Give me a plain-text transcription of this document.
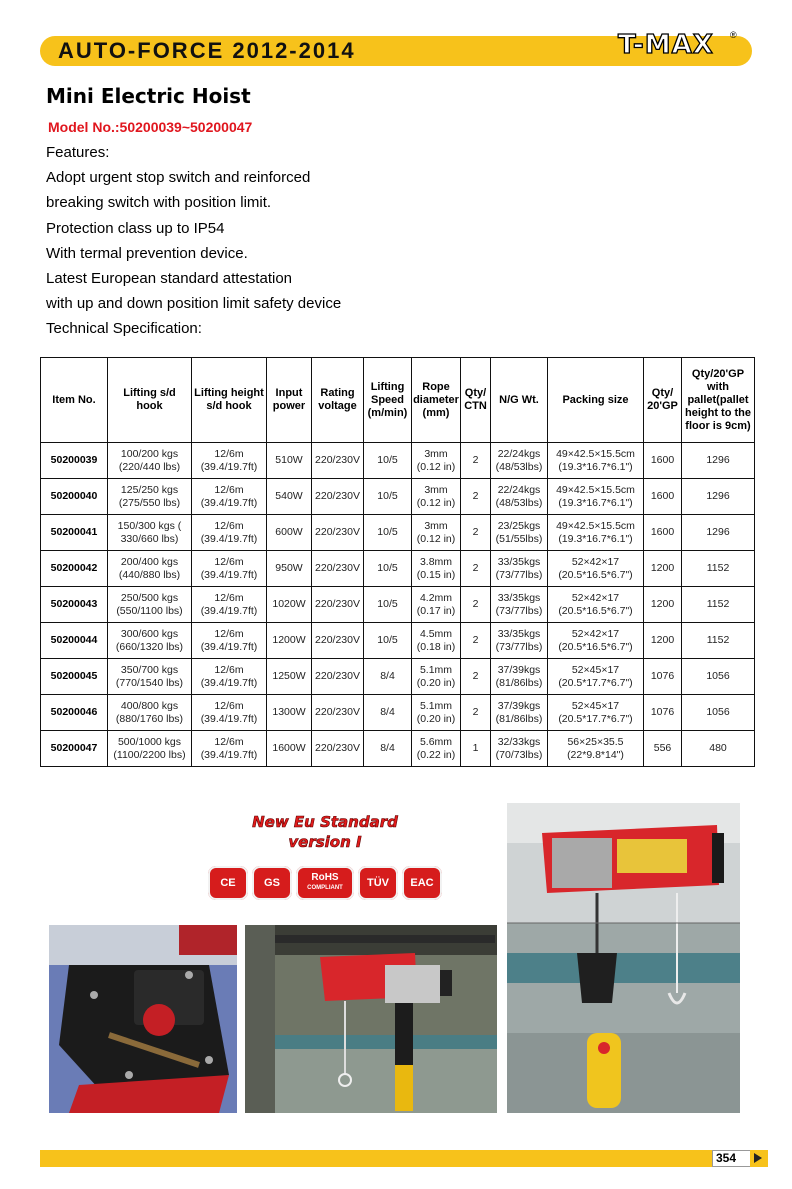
AUTO-FORCE 2012-2014	T-MAX ®
Mini Electric Hoist
Model No.:50200039~50200047
Features:
Adopt urgent stop switch and reinforced
breaking switch with position limit.
Protection class up to IP54
With termal prevention device.
Latest European standard attestation
with up and down position limit safety device
Technical Specification:
Item No.	Lifting s/d hook	Lifting height s/d hook	Input power	Rating voltage	Lifting Speed (m/min)	Rope diameter (mm)	Qty/ CTN	N/G Wt.	Packing size	Qty/ 20'GP	Qty/20'GP with pallet(pallet height to the floor is 9cm)
50200039	100/200 kgs (220/440 lbs)	12/6m (39.4/19.7ft)	510W	220/230V	10/5	3mm (0.12 in)	2	22/24kgs (48/53lbs)	49×42.5×15.5cm (19.3*16.7*6.1")	1600	1296
50200040	125/250 kgs (275/550 lbs)	12/6m (39.4/19.7ft)	540W	220/230V	10/5	3mm (0.12 in)	2	22/24kgs (48/53lbs)	49×42.5×15.5cm (19.3*16.7*6.1")	1600	1296
50200041	150/300 kgs ( 330/660 lbs)	12/6m (39.4/19.7ft)	600W	220/230V	10/5	3mm (0.12 in)	2	23/25kgs (51/55lbs)	49×42.5×15.5cm (19.3*16.7*6.1")	1600	1296
50200042	200/400 kgs (440/880 lbs)	12/6m (39.4/19.7ft)	950W	220/230V	10/5	3.8mm (0.15 in)	2	33/35kgs (73/77lbs)	52×42×17 (20.5*16.5*6.7")	1200	1152
50200043	250/500 kgs (550/1100 lbs)	12/6m (39.4/19.7ft)	1020W	220/230V	10/5	4.2mm (0.17 in)	2	33/35kgs (73/77lbs)	52×42×17 (20.5*16.5*6.7")	1200	1152
50200044	300/600 kgs (660/1320 lbs)	12/6m (39.4/19.7ft)	1200W	220/230V	10/5	4.5mm (0.18 in)	2	33/35kgs (73/77lbs)	52×42×17 (20.5*16.5*6.7")	1200	1152
50200045	350/700 kgs (770/1540 lbs)	12/6m (39.4/19.7ft)	1250W	220/230V	8/4	5.1mm (0.20 in)	2	37/39kgs (81/86lbs)	52×45×17 (20.5*17.7*6.7")	1076	1056
50200046	400/800 kgs (880/1760 lbs)	12/6m (39.4/19.7ft)	1300W	220/230V	8/4	5.1mm (0.20 in)	2	37/39kgs (81/86lbs)	52×45×17 (20.5*17.7*6.7")	1076	1056
50200047	500/1000 kgs (1100/2200 lbs)	12/6m (39.4/19.7ft)	1600W	220/230V	8/4	5.6mm (0.22 in)	1	32/33kgs (70/73lbs)	56×25×35.5 (22*9.8*14")	556	480
New Eu Standard
version Ⅰ
CE	GS	RoHS
COMPLIANT	TÜV	EAC
354
